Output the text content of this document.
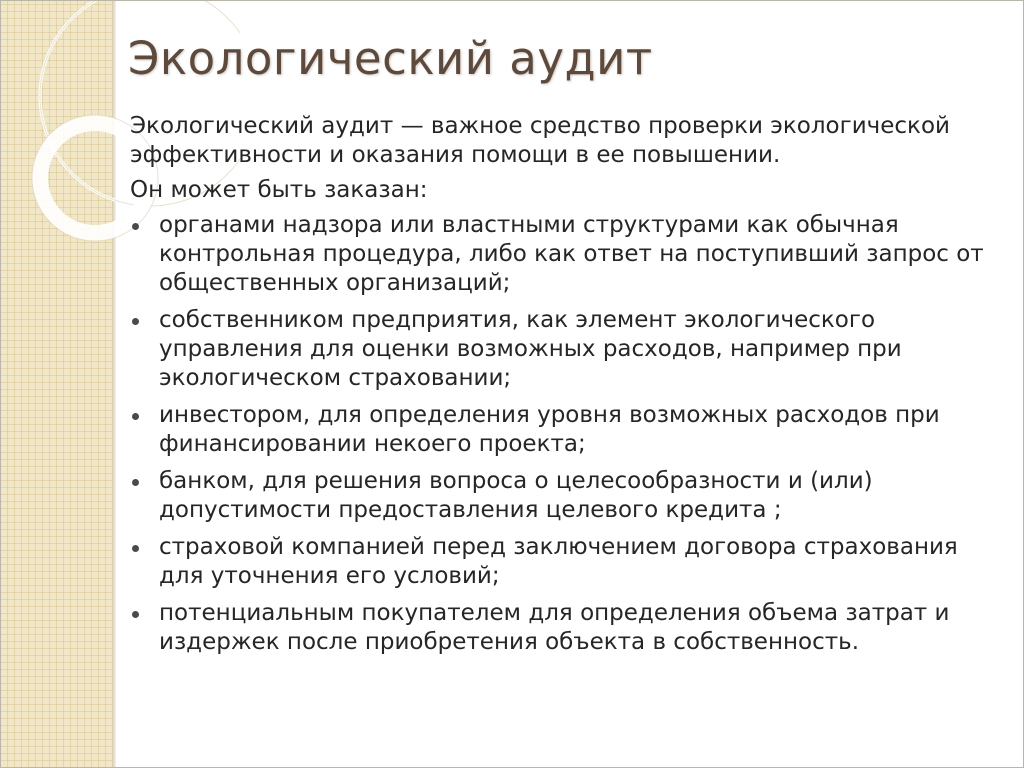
Экологический аудит

Экологический аудит — важное средство проверки экологической эффективности и оказания помощи в ее повышении.

Он может быть заказан:

органами надзора или властными структурами как обычная контрольная процедура, либо как ответ на поступивший запрос от общественных организаций;
собственником предприятия, как элемент экологического управления для оценки возможных расходов, например при экологическом страховании;
инвестором, для определения уровня возможных расходов при финансировании некоего проекта;
банком, для решения вопроса о целесообразности и (или) допустимости предоставления целевого кредита ;
страховой компанией перед заключением договора страхования для уточнения его условий;
потенциальным покупателем для определения объема затрат и издержек после приобретения объекта в собственность.
